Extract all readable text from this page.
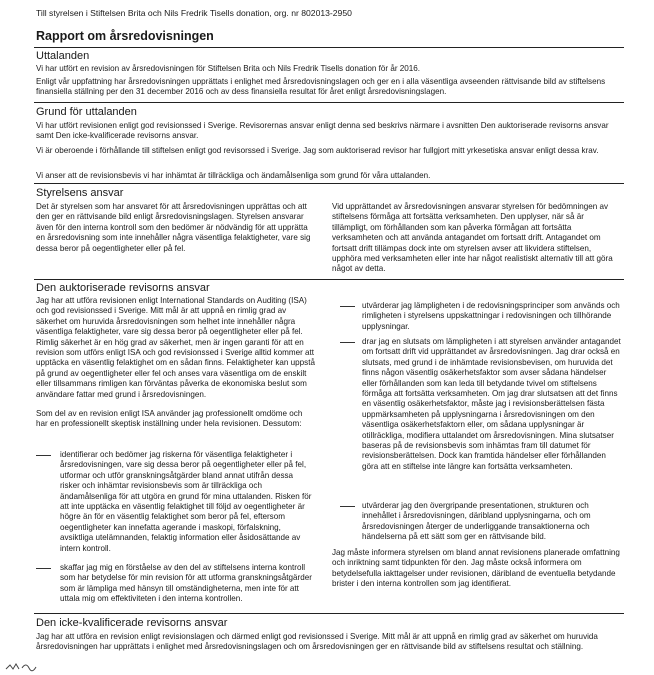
Till styrelsen i Stiftelsen Brita och Nils Fredrik Tisells donation, org. nr 802013-2950
Rapport om årsredovisningen
Uttalanden

Vi har utfört en revision av årsredovisningen för Stiftelsen Brita och Nils Fredrik Tisells donation för år 2016.

Enligt vår uppfattning har årsredovisningen upprättats i enlighet med årsredovisningslagen och ger en i alla väsentliga avseenden rättvisande bild av stiftelsens finansiella ställning per den 31 december 2016 och av dess finansiella resultat för året enligt årsredovisningslagen.

Grund för uttalanden

Vi har utfört revisionen enligt god revisionssed i Sverige. Revisorernas ansvar enligt denna sed beskrivs närmare i avsnitten Den auktoriserade revisorns ansvar samt Den icke-kvalificerade revisorns ansvar.

Vi är oberoende i förhållande till stiftelsen enligt god revisorssed i Sverige. Jag som auktoriserad revisor har fullgjort mitt yrkesetiska ansvar enligt dessa krav.

Vi anser att de revisionsbevis vi har inhämtat är tillräckliga och ändamålsenliga som grund för våra uttalanden.

Styrelsens ansvar

Det är styrelsen som har ansvaret för att årsredovisningen upprättas och att den ger en rättvisande bild enligt årsredovisningslagen. Styrelsen ansvarar även för den interna kontroll som den bedömer är nödvändig för att upprätta en årsredovisning som inte innehåller några väsentliga felaktigheter, vare sig dessa beror på oegentligheter eller på fel.

Vid upprättandet av årsredovisningen ansvarar styrelsen för bedömningen av stiftelsens förmåga att fortsätta verksamheten. Den upplyser, när så är tillämpligt, om förhållanden som kan påverka förmågan att fortsätta verksamheten och att använda antagandet om fortsatt drift. Antagandet om fortsatt drift tillämpas dock inte om styrelsen avser att likvidera stiftelsen, upphöra med verksamheten eller inte har något realistiskt alternativ till att göra något av detta.

Den auktoriserade revisorns ansvar

Jag har att utföra revisionen enligt International Standards on Auditing (ISA) och god revisionssed i Sverige. Mitt mål är att uppnå en rimlig grad av säkerhet om huruvida årsredovisningen som helhet inte innehåller några väsentliga felaktigheter, vare sig dessa beror på oegentligheter eller på fel. Rimlig säkerhet är en hög grad av säkerhet, men är ingen garanti för att en revision som utförs enligt ISA och god revisionssed i Sverige alltid kommer att upptäcka en väsentlig felaktighet om en sådan finns. Felaktigheter kan uppstå på grund av oegentligheter eller fel och anses vara väsentliga om de enskilt eller tillsammans rimligen kan förväntas påverka de ekonomiska beslut som användare fattar med grund i årsredovisningen.

Som del av en revision enligt ISA använder jag professionellt omdöme och har en professionellt skeptisk inställning under hela revisionen. Dessutom:

identifierar och bedömer jag riskerna för väsentliga felaktigheter i årsredovisningen, vare sig dessa beror på oegentligheter eller på fel, utformar och utför granskningsåtgärder bland annat utifrån dessa risker och inhämtar revisionsbevis som är tillräckliga och ändamålsenliga för att utgöra en grund för mina uttalanden. Risken för att inte upptäcka en väsentlig felaktighet till följd av oegentligheter är högre än för en väsentlig felaktighet som beror på fel, eftersom oegentligheter kan innefatta agerande i maskopi, förfalskning, avsiktliga utelämnanden, felaktig information eller åsidosättande av intern kontroll.

skaffar jag mig en förståelse av den del av stiftelsens interna kontroll som har betydelse för min revision för att utforma granskningsåtgärder som är lämpliga med hänsyn till omständigheterna, men inte för att uttala mig om effektiviteten i den interna kontrollen.

utvärderar jag lämpligheten i de redovisningsprinciper som används och rimligheten i styrelsens uppskattningar i redovisningen och tillhörande upplysningar.

drar jag en slutsats om lämpligheten i att styrelsen använder antagandet om fortsatt drift vid upprättandet av årsredovisningen. Jag drar också en slutsats, med grund i de inhämtade revisionsbevisen, om huruvida det finns någon väsentlig osäkerhetsfaktor som avser sådana händelser eller förhållanden som kan leda till betydande tvivel om stiftelsens förmåga att fortsätta verksamheten. Om jag drar slutsatsen att det finns en väsentlig osäkerhetsfaktor, måste jag i revisionsberättelsen fästa uppmärksamheten på upplysningarna i årsredovisningen om den väsentliga osäkerhetsfaktorn eller, om sådana upplysningar är otillräckliga, modifiera uttalandet om årsredovisningen. Mina slutsatser baseras på de revisionsbevis som inhämtas fram till datumet för revisionsberättelsen. Dock kan framtida händelser eller förhållanden göra att en stiftelse inte längre kan fortsätta verksamheten.

utvärderar jag den övergripande presentationen, strukturen och innehållet i årsredovisningen, däribland upplysningarna, och om årsredovisningen återger de underliggande transaktionerna och händelserna på ett sätt som ger en rättvisande bild.

Jag måste informera styrelsen om bland annat revisionens planerade omfattning och inriktning samt tidpunkten för den. Jag måste också informera om betydelsefulla iakttagelser under revisionen, däribland de eventuella betydande brister i den interna kontrollen som jag identifierat.

Den icke-kvalificerade revisorns ansvar

Jag har att utföra en revision enligt revisionslagen och därmed enligt god revisionssed i Sverige. Mitt mål är att uppnå en rimlig grad av säkerhet om huruvida årsredovisningen har upprättats i enlighet med årsredovisningslagen och om årsredovisningen ger en rättvisande bild av stiftelsens resultat och ställning.
